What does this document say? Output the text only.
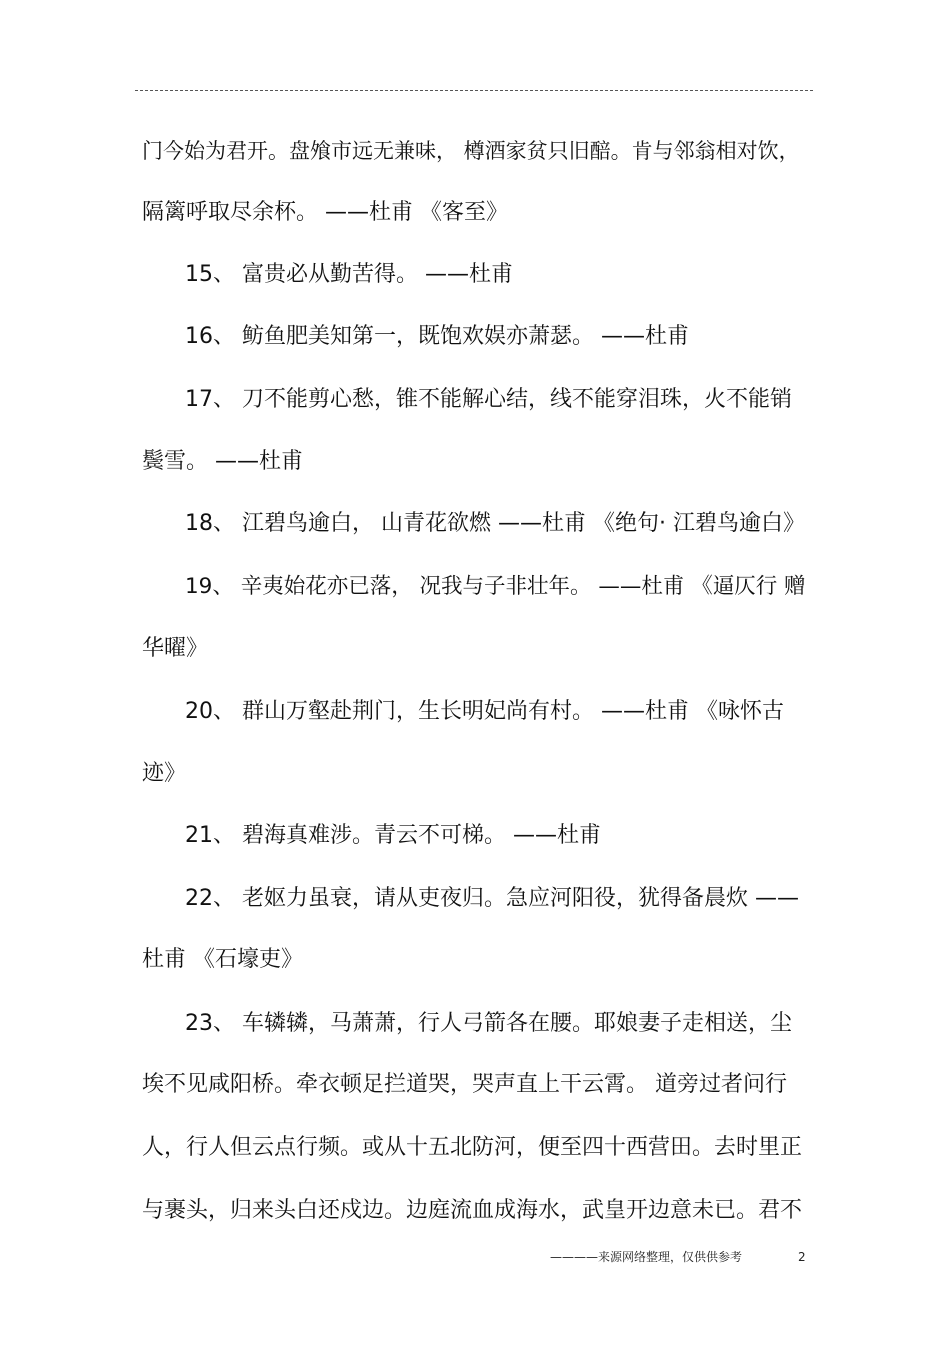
门今始为君开。盘飧市远无兼味， 樽酒家贫只旧醅。肯与邻翁相对饮，
隔篱呼取尽余杯。 ——杜甫 《客至》
15、 富贵必从勤苦得。 ——杜甫
16、 鲂鱼肥美知第一，既饱欢娱亦萧瑟。 ——杜甫
17、 刀不能剪心愁，锥不能解心结，线不能穿泪珠，火不能销
鬓雪。 ——杜甫
18、 江碧鸟逾白， 山青花欲燃 ——杜甫 《绝句· 江碧鸟逾白》
19、 辛夷始花亦已落， 况我与子非壮年。 ——杜甫 《逼仄行 赠
华曜》
20、 群山万壑赴荆门，生长明妃尚有村。 ——杜甫 《咏怀古
迹》
21、 碧海真难涉。青云不可梯。 ——杜甫
22、 老妪力虽衰，请从吏夜归。急应河阳役，犹得备晨炊 ——
杜甫 《石壕吏》
23、 车辚辚，马萧萧，行人弓箭各在腰。耶娘妻子走相送，尘
埃不见咸阳桥。牵衣顿足拦道哭，哭声直上干云霄。 道旁过者问行
人，行人但云点行频。或从十五北防河，便至四十西营田。去时里正
与裹头，归来头白还戍边。边庭流血成海水，武皇开边意未已。君不
————来源网络整理，仅供供参考	2
